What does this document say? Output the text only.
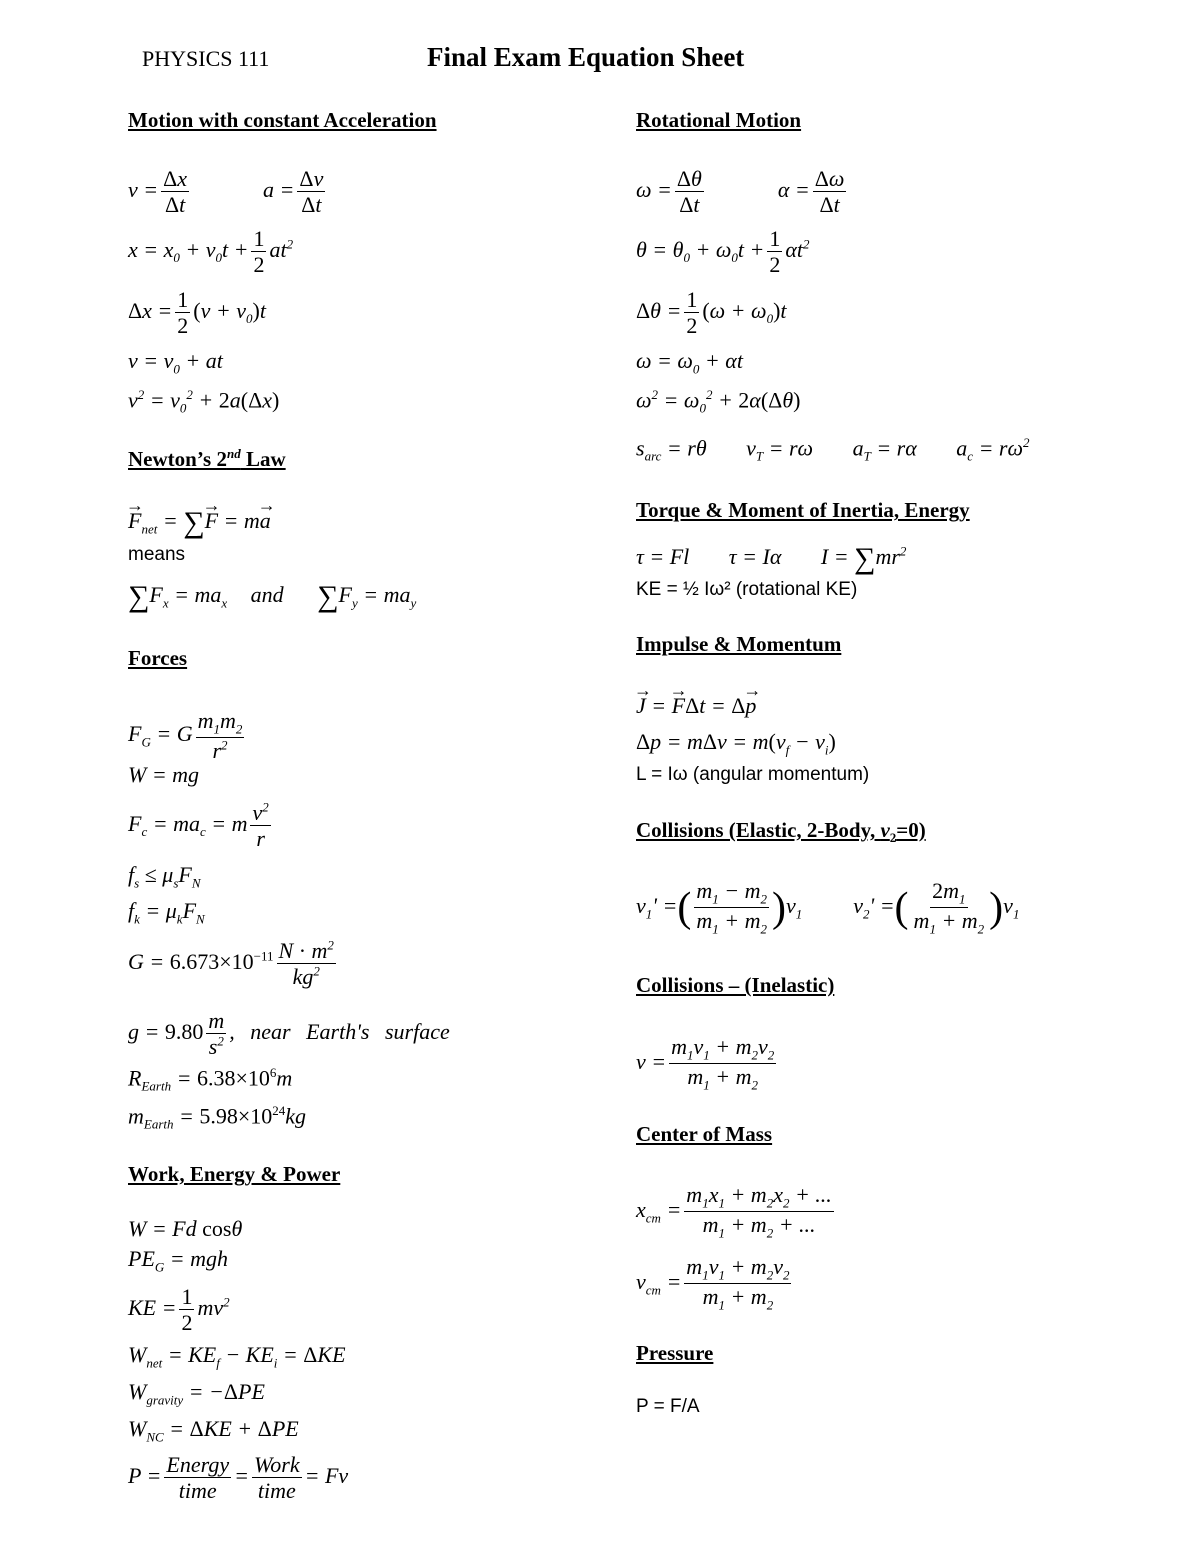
PHYSICS 111	Final Exam Equation Sheet
Motion with constant Acceleration
$v = \frac{\Delta x}{\Delta t}$	$a = \frac{\Delta v}{\Delta t}$
$x = x_0 + v_0t + \frac{1}{2} at^2$
$\Delta x = \frac{1}{2} (v + v_0)t$
$v = v_0$ + at
$v^2 = v_0^2 + 2a(\Delta x)$
Newton’s 2nd Law
→ $F_{net}$ = ∑→ F = m→ a
means
$\sum F_x = ma_x$ and $\sum F_y = ma_y$
Forces
$F_G = G \frac{m_1m_2}{r^2}$
W = mg
$F_c = ma_c = m \frac{v^2}{r}$
$f_s \le \mu_sF_N$
$f_k = \mu_kF_N$
$G = 6.673\times 10^{-11} \frac{N \cdot m^2}{kg^2}$
$g = 9.80 \frac{m}{s^2}$ , near Earth's surface
$R_{Earth} = 6.38\times 10^6m$
$m_{Earth} = 5.98\times 10^{24}kg$
Work, Energy & Power
W = Fd cosθ
$PE_G$ = mgh
KE = $\frac{1}{2} mv^2$
$W_{net} = KE_f - KE_i = \Delta KE$
$W_{gravity} = -\Delta PE$
$W_{NC} = \Delta KE + \Delta PE$
$P = \frac{\text{Energy}}{\text{time}} = \frac{\text{Work}}{\text{time}} = Fv$
Rotational Motion
$\omega = \frac{\Delta\theta}{\Delta t}$	$\alpha = \frac{\Delta\omega}{\Delta t}$
$\theta = \theta_0 + \omega_0t + \frac{1}{2} \alpha t^2$
$\Delta\theta = \frac{1}{2} (\omega + \omega_0)t$
$\omega = \omega_0 + \alpha t$
$\omega^2 = \omega_0^2 + 2\alpha(\Delta\theta)$
$s_{arc} = r\theta$ $v_T = r\omega$ $a_T = r\alpha$ $a_c = r\omega^2$
Torque & Moment of Inertia, Energy
τ = Fl τ = Iα $I = \sum mr^2$
KE = ½ Iω² (rotational KE)
Impulse & Momentum
→ J = → FΔt = Δ→ p
$\Delta p = m\Delta v = m(v_f - v_i)$
L = Iω (angular momentum)
Collisions (Elastic, 2-Body, $v_2=0$)
$v_1'$ =( $\frac{m_1 - m_2}{m_1 + m_2} )v_1$  $v_2'$ =( $\frac{2m_1}{m_1 + m_2} )v_1$
Collisions – (Inelastic)
$v = \frac{m_1v_1 + m_2v_2}{m_1 + m_2}$
Center of Mass
$x_{cm} = \frac{m_1x_1 + m_2x_2 + ...}{m_1 + m_2 + ...}$
$v_{cm} = \frac{m_1v_1 + m_2v_2}{m_1 + m_2}$
Pressure
P = F/A
